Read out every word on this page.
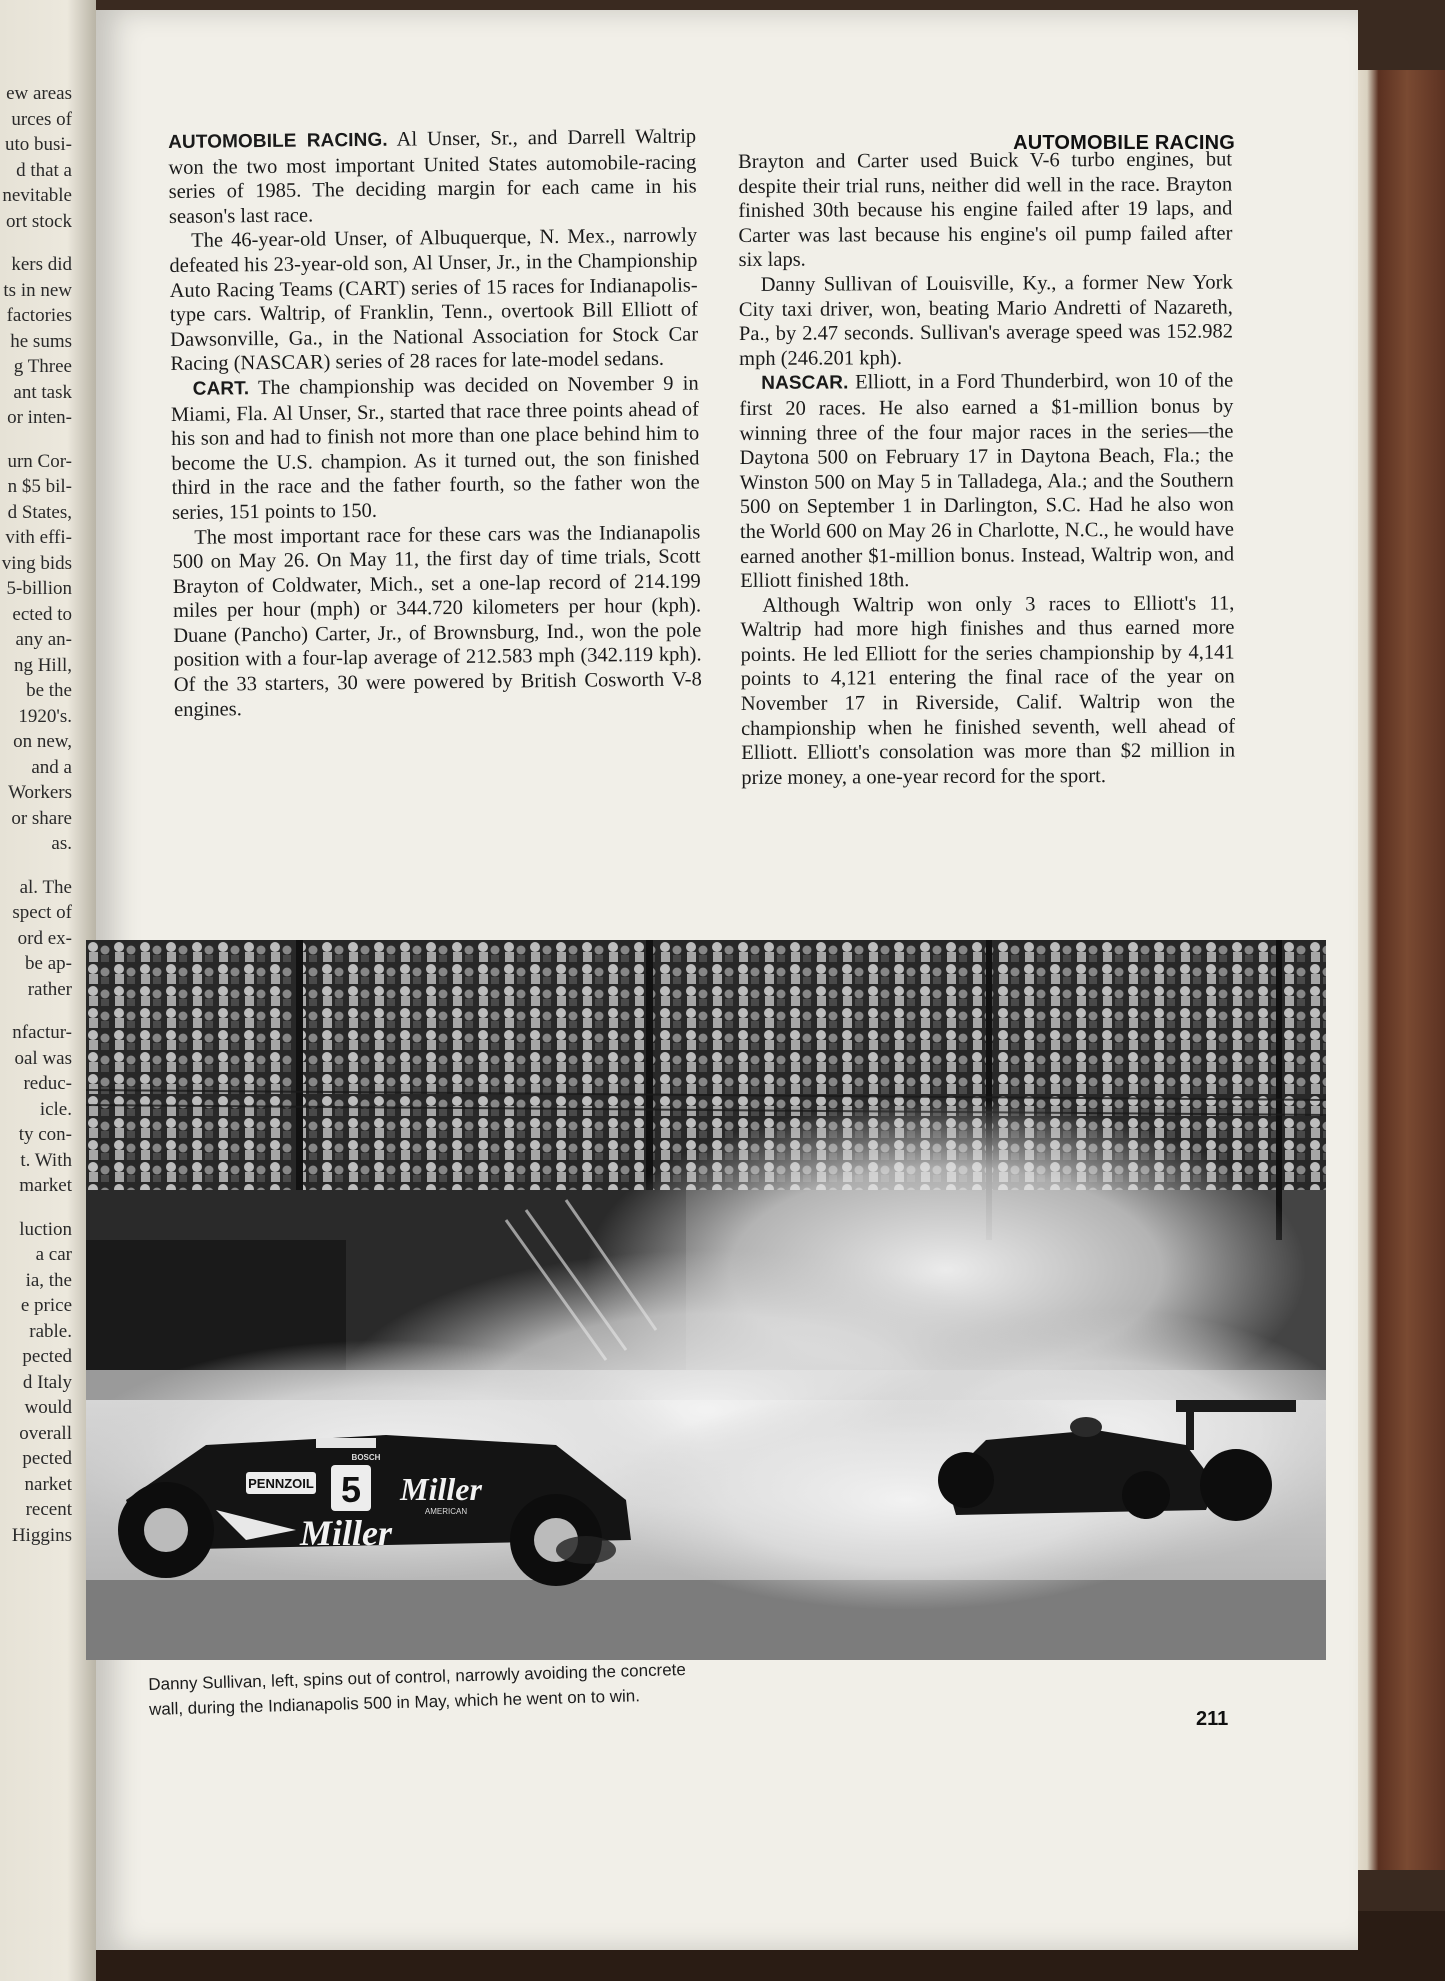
ew areas
urces of
uto busi-
d that a
nevitable
ort stock
kers did
ts in new
factories
he sums
g Three
ant task
or inten-
urn Cor-
n $5 bil-
d States,
vith effi-
ving bids
5-billion
ected to
any an-
ng Hill,
be the
1920's.
on new,
and a
Workers
or share
as.
al. The
spect of
ord ex-
be ap-
rather
nfactur-
oal was
reduc-
icle.
ty con-
t. With
market
luction
a car
ia, the
e price
rable.
pected
d Italy
would
overall
pected
narket
recent
Higgins
AUTOMOBILE RACING

AUTOMOBILE RACING. Al Unser, Sr., and Darrell Waltrip won the two most important United States automobile-racing series of 1985. The deciding margin for each came in his season's last race.

The 46-year-old Unser, of Albuquerque, N. Mex., narrowly defeated his 23-year-old son, Al Unser, Jr., in the Championship Auto Racing Teams (CART) series of 15 races for Indianapolis-type cars. Waltrip, of Franklin, Tenn., overtook Bill Elliott of Dawsonville, Ga., in the National Association for Stock Car Racing (NASCAR) series of 28 races for late-model sedans.

CART. The championship was decided on November 9 in Miami, Fla. Al Unser, Sr., started that race three points ahead of his son and had to finish not more than one place behind him to become the U.S. champion. As it turned out, the son finished third in the race and the father fourth, so the father won the series, 151 points to 150.

The most important race for these cars was the Indianapolis 500 on May 26. On May 11, the first day of time trials, Scott Brayton of Coldwater, Mich., set a one-lap record of 214.199 miles per hour (mph) or 344.720 kilometers per hour (kph). Duane (Pancho) Carter, Jr., of Brownsburg, Ind., won the pole position with a four-lap average of 212.583 mph (342.119 kph). Of the 33 starters, 30 were powered by British Cosworth V-8 engines.

Brayton and Carter used Buick V-6 turbo engines, but despite their trial runs, neither did well in the race. Brayton finished 30th because his engine failed after 19 laps, and Carter was last because his engine's oil pump failed after six laps.

Danny Sullivan of Louisville, Ky., a former New York City taxi driver, won, beating Mario Andretti of Nazareth, Pa., by 2.47 seconds. Sullivan's average speed was 152.982 mph (246.201 kph).

NASCAR. Elliott, in a Ford Thunderbird, won 10 of the first 20 races. He also earned a $1-million bonus by winning three of the four major races in the series—the Daytona 500 on February 17 in Daytona Beach, Fla.; the Winston 500 on May 5 in Talladega, Ala.; and the Southern 500 on September 1 in Darlington, S.C. Had he also won the World 600 on May 26 in Charlotte, N.C., he would have earned another $1-million bonus. Instead, Waltrip won, and Elliott finished 18th.

Although Waltrip won only 3 races to Elliott's 11, Waltrip had more high finishes and thus earned more points. He led Elliott for the series championship by 4,141 points to 4,121 entering the final race of the year on November 17 in Riverside, Calif. Waltrip won the championship when he finished seventh, well ahead of Elliott. Elliott's consolation was more than $2 million in prize money, a one-year record for the sport.

PENNZOIL 5 Miller
AMERICAN
BOSCH
Miller
Danny Sullivan, left, spins out of control, narrowly avoiding the concrete
wall, during the Indianapolis 500 in May, which he went on to win.
211
